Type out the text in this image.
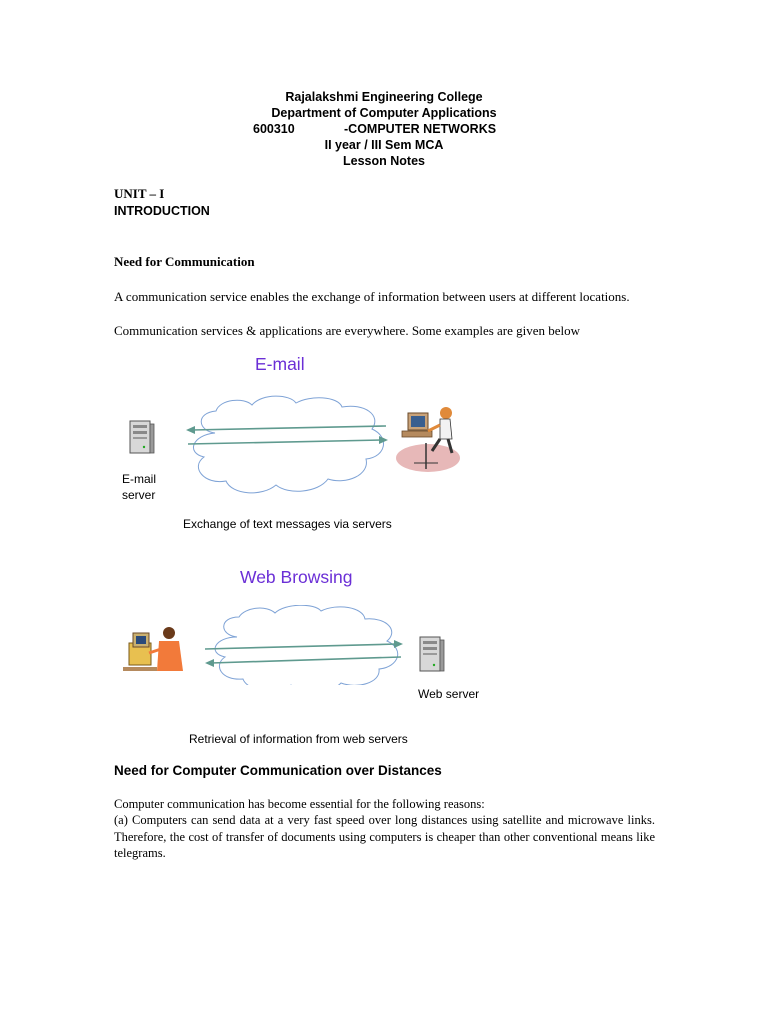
Rajalakshmi Engineering College
Department of Computer Applications
600310	-COMPUTER NETWORKS
II year / III Sem MCA
Lesson Notes
UNIT – I
INTRODUCTION
Need for Communication
A communication service enables the exchange of information between users at different locations.
Communication services & applications are everywhere. Some examples are given below
E-mail
E-mail
server
Exchange of text messages via servers
Web Browsing
Web server
Retrieval of information from web servers
Need for Computer Communication over Distances
Computer communication has become essential for the following reasons:
(a) Computers can send data at a very fast speed over long distances using satellite and microwave links. Therefore, the cost of transfer of documents using computers is cheaper than other conventional means like telegrams.
